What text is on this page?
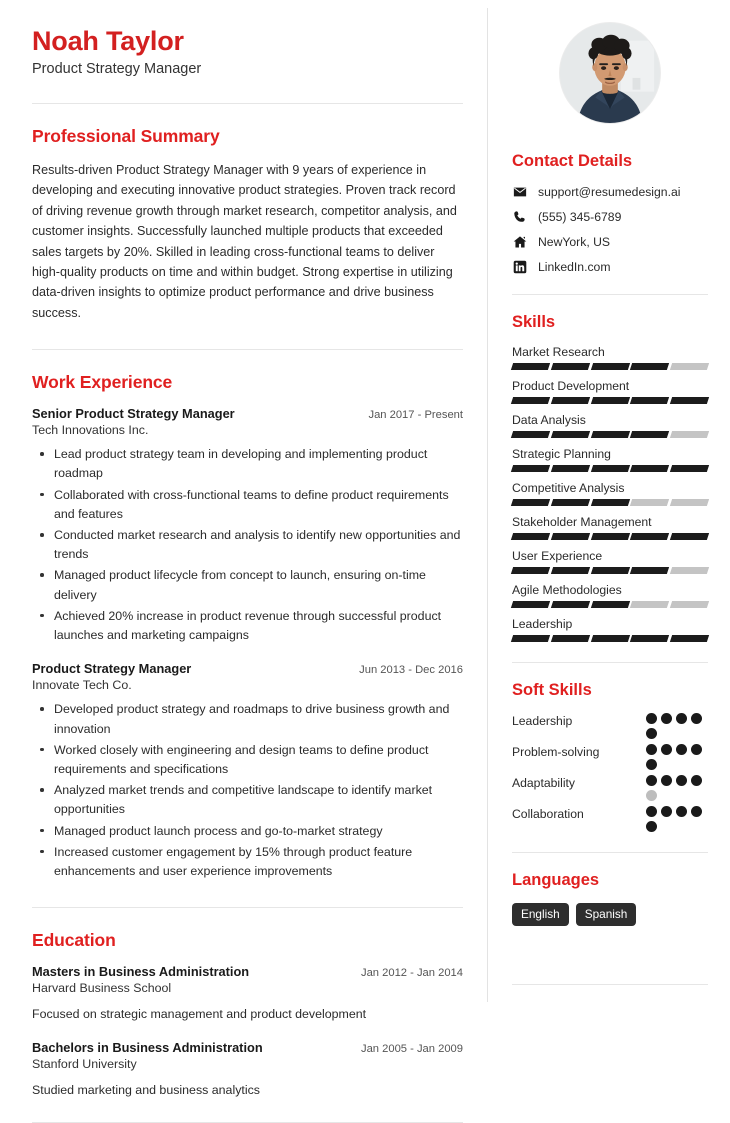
Noah Taylor
Product Strategy Manager
Professional Summary

Results-driven Product Strategy Manager with 9 years of experience in developing and executing innovative product strategies. Proven track record of driving revenue growth through market research, competitor analysis, and customer insights. Successfully launched multiple products that exceeded sales targets by 20%. Skilled in leading cross-functional teams to deliver high-quality products on time and within budget. Strong expertise in utilizing data-driven insights to optimize product performance and drive business success.

Work Experience
Senior Product Strategy Manager	Jan 2017 - Present
Tech Innovations Inc.
Lead product strategy team in developing and implementing product roadmap
Collaborated with cross-functional teams to define product requirements and features
Conducted market research and analysis to identify new opportunities and trends
Managed product lifecycle from concept to launch, ensuring on-time delivery
Achieved 20% increase in product revenue through successful product launches and marketing campaigns
Product Strategy Manager	Jun 2013 - Dec 2016
Innovate Tech Co.
Developed product strategy and roadmaps to drive business growth and innovation
Worked closely with engineering and design teams to define product requirements and specifications
Analyzed market trends and competitive landscape to identify market opportunities
Managed product launch process and go-to-market strategy
Increased customer engagement by 15% through product feature enhancements and user experience improvements
Education
Masters in Business Administration	Jan 2012 - Jan 2014
Harvard Business School
Focused on strategic management and product development
Bachelors in Business Administration	Jan 2005 - Jan 2009
Stanford University
Studied marketing and business analytics
Contact Details
support@resumedesign.ai
(555) 345-6789
NewYork, US
LinkedIn.com
Skills
Market Research
Product Development
Data Analysis
Strategic Planning
Competitive Analysis
Stakeholder Management
User Experience
Agile Methodologies
Leadership
Soft Skills
Leadership
Problem-solving
Adaptability
Collaboration
Languages
English	Spanish
